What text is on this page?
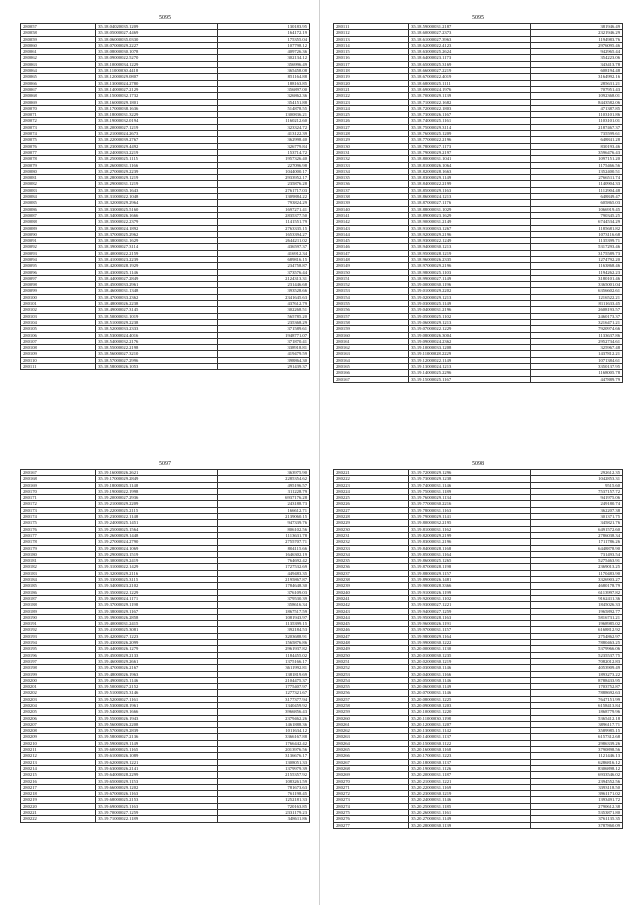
5095
280057	35.18.04020035.1209	130183.95
280058	35.18.05000027.4469	164172.19
280059	35.18.06000035.0330	175355.04
280060	35.18.07000029.2227	107798.12
280061	35.18.08000030.1078	409726.36
280062	35.18.09000022.5270	302134.12
280063	35.18.10000034.1229	356996.49
280064	35.18.11000030.4418	365458.08
280065	35.18.12000029.0807	851164.88
280066	35.18.13000024.2780	188163.85
280067	35.18.14000027.2129	356897.00
280068	35.18.15000032.1732	326862.36
280069	35.18.16000029.1801	354151.88
280070	35.18.17000038.1636	514878.55
280071	35.18.18000031.3229	1300836.21
280072	35.18.19000032.0194	1160212.60
280073	35.18.20000027.1219	323324.72
280074	35.18.21000024.2673	413122.39
280075	35.18.22000039.2767	362998.40
280076	35.18.23000029.4492	326779.84
280077	35.18.24000033.2219	153714.72
280078	35.18.25000025.1115	1957326.40
280079	35.18.26000031.1166	227096.98
280080	35.18.27000029.2239	1044000.17
280081	35.18.28000029.1219	2933952.17
280082	35.18.29000031.1219	235876.28
280083	35.18.30000035.1643	2761717.03
280084	35.18.31000022.1048	1309884.22
280085	35.18.32000029.2964	793824.29
280086	35.18.33000025.5160	1697271.41
280087	35.18.34000026.1666	2835377.50
280088	35.18.35000022.2379	1141551.79
280089	35.18.36000024.1892	2763335.15
280090	35.18.37000025.2962	1653394.27
280091	35.18.38000031.1629	2644211.02
280092	35.18.39000027.3114	436597.37
280093	35.18.40000022.2159	416912.34
280094	35.18.41000023.2239	689816.15
280095	35.18.42000028.1929	234758.87
280096	35.18.43000025.1146	373576.44
280097	35.18.44000027.2849	2124313.31
280098	35.18.45000033.2961	231446.68
280099	35.18.46000031.1348	393528.66
280100	35.18.47000033.2362	2341645.63
280101	35.18.48000026.2238	437612.79
280102	35.18.49000027.3145	302268.51
280103	35.18.50000031.1019	565785.20
280104	35.18.51000029.2238	235368.29
280105	35.18.52000033.2333	371589.61
280106	35.18.53000024.4016	1948771.07
280107	35.18.54000032.2176	371870.41
280108	35.18.55000022.2198	338918.81
280109	35.18.56000027.3210	419479.59
280110	35.18.57000027.2996	398864.30
280111	35.18.58000026.1053	291439.37
5095
280111	35.18.59000031.2187	381946.49
280112	35.18.60000027.2373	2321946.29
280113	35.18.61000027.3963	1194983.76
280114	35.18.62000022.4123	2976095.46
280115	35.18.63000025.2624	942965.44
280116	35.18.64000023.1173	354223.06
280117	35.18.65000025.3169	343413.78
280118	35.18.66000027.2219	608194.48
280119	35.18.67000022.4019	3164992.16
280120	35.18.68000025.1111	285631.21
280121	35.18.69000024.1976	707951.43
280122	35.18.70000029.1139	1092368.01
280123	35.18.71000022.1682	8443582.06
280124	35.18.72000022.1803	471387.85
280125	35.18.73000026.1167	1103101.86
280126	35.18.74000025.1161	1103101.01
280127	35.18.75000029.3114	2187467.37
280128	35.18.76000025.1209	735599.61
280129	35.18.77000022.2196	648841.28
280130	35.18.78000027.1173	830193.46
280131	35.18.79000029.2197	3596476.43
280132	35.18.80000031.1041	1097151.20
280133	35.18.81000026.1064	1175466.56
280134	35.18.82000028.1663	1352400.51
280135	35.18.83000029.1149	2766511.74
280136	35.18.84000022.2199	1140904.33
280137	35.18.85000029.1163	1112904.48
280138	35.18.86000024.1213	648849.47
280139	35.18.87000027.1176	605865.03
280140	35.18.88000031.1029	1066919.45
280141	35.18.89000023.1629	790345.25
280142	35.18.90000031.2149	6744534.29
280143	35.18.91000033.1267	1185681.82
280144	35.18.92000029.2196	1073116.68
280145	35.18.93000022.1249	1135399.71
280146	35.18.94000030.1213	5317293.46
280147	35.18.95000028.1219	3175589.73
280148	35.18.96000026.2335	1274792.20
280149	35.18.97000029.2196	1163868.46
280150	35.18.98000025.1103	1194262.23
280151	35.18.99000027.1149	3180101.46
280152	35.19.00000030.1196	3365001.04
280153	35.19.01000029.2202	6356602.61
280154	35.19.02000029.1213	1216522.21
280155	35.19.03000025.1149	8111633.45
280156	35.19.04000031.2196	2608193.57
280157	35.19.05000025.1102	2460173.37
280158	35.19.06000029.1213	3216471.21
280159	35.19.07000022.1229	7920974.66
280160	35.19.08000026.3004	1133637.86
280161	35.19.09000024.2362	2952734.61
280162	35.19.10000033.1208	325967.48
280163	35.19.11000028.2229	1437812.21
280164	35.19.12000022.1149	1071384.61
280165	35.19.13000024.1213	3350137.95
280166	35.19.14000025.2296	1168005.78
280167	35.19.15000025.1167	447889.79
5097
280167	35.19.16000026.2621	363975.90
280168	35.19.17000029.2849	2285354.62
280169	35.19.18000025.1148	495196.57
280170	35.19.19000022.1998	311228.79
280171	35.19.20000027.2936	6937176.28
280172	35.19.21000029.2209	243188.73
280173	35.19.22000025.2115	166612.71
280174	35.19.23000022.1148	2139060.15
280175	35.19.24000025.1451	947339.76
280176	35.19.25000025.1564	806102.56
280177	35.19.26000029.1448	1113631.78
280178	35.19.27000024.2790	2755707.71
280179	35.19.28000024.1069	804115.66
280180	35.19.29000023.1519	1646302.19
280181	35.19.30000029.2419	764692.42
280182	35.19.31000022.1429	1727532.69
280183	35.19.32000029.2116	449483.35
280184	35.19.33000025.3115	2195867.87
280185	35.19.34000023.2102	1784648.30
280186	35.19.35000022.1229	376109.03
280187	35.19.36000024.1171	379530.39
280188	35.19.37000029.1198	358616.34
280189	35.19.38000029.1167	1867517.59
280190	35.19.39000026.2858	1081943.97
280191	35.19.40000031.2415	1135399.15
280192	35.19.41000025.3081	392184.53
280193	35.19.42000027.1223	3203688.91
280194	35.19.43000026.2099	1565876.86
280195	35.19.44000026.1279	2961937.82
280196	35.19.45000029.2133	1184455.02
280197	35.19.46000029.2661	1375166.17
280198	35.19.47000026.2167	3611992.81
280199	35.19.48000026.1963	1381819.69
280200	35.19.49000025.1146	2104475.37
280201	35.19.50000027.2152	1775407.97
280202	35.19.51000025.3146	1277321.67
280203	35.19.52000027.1161	3177377.94
280204	35.19.53000028.1961	1340459.92
280205	35.19.54000029.1666	3966856.43
280206	35.19.55000026.1943	2379462.26
280207	35.19.56000026.2208	1461888.36
280208	35.19.57000029.2839	1011634.12
280209	35.19.58000027.2136	3366167.88
280210	35.19.59000029.1149	1766442.42
280211	35.19.60000025.1165	2013976.56
280212	35.19.61000026.1089	3136676.17
280213	35.19.62000029.1221	1308051.33
280214	35.19.63000026.2141	1379979.39
280215	35.19.64000028.2299	2155357.92
280216	35.19.65000029.1153	1083261.59
280217	35.19.66000029.1202	781673.63
280218	35.19.67000026.1163	761198.45
280219	35.19.68000025.2153	1252181.33
280220	35.19.69000025.1163	720163.85
280221	35.19.70000027.1259	2331179.23
280222	35.19.71000022.1189	348611.86
5098
280221	35.19.72000029.1296	292612.35
280222	35.19.73000029.1238	1042853.31
280223	35.19.74000031.1146	9515.60
280224	35.19.75000031.1189	7537157.72
280225	35.19.76000029.1134	941975.06
280226	35.19.77000030.2216	249180.74
280227	35.19.78000031.1163	362207.38
280228	35.19.79000029.1141	301371.75
280229	35.19.80000032.2195	345821.76
280230	35.19.81000031.1162	6491572.60
280231	35.19.82000029.2199	2786038.34
280232	35.19.83000031.2196	1711786.26
280233	35.19.84000028.1168	6448878.90
280234	35.19.85000031.1164	731493.54
280235	35.19.86000025.1265	5275463.91
280236	35.19.87000028.1198	2369013.25
280237	35.19.88000029.1157	1170483.90
280238	35.19.89000026.1481	3326903.27
280239	35.19.90000028.3366	4680178.79
280240	35.19.91000026.1199	6113997.82
280241	35.19.92000031.1102	9162411.36
280242	35.19.93000027.1221	1845026.33
280243	35.19.94000027.1259	1965892.77
280244	35.19.95000028.1163	5816731.21
280245	35.19.96000026.1191	1968985.02
280246	35.19.97000031.1157	6168812.92
280247	35.19.98000029.1164	2754862.97
280248	35.19.99000030.1222	7880463.25
280249	35.20.00000031.1130	5379966.06
280250	35.20.01000030.1235	5235537.75
280251	35.20.02000030.1219	7082012.83
280252	35.20.03000030.1146	4053909.49
280253	35.20.04000031.1166	1893273.22
280254	35.20.05000030.1146	8788433.95
280255	35.20.06000030.1149	1703752.87
280256	35.20.07000031.1146	7888692.63
280257	35.20.08000031.1225	7647151.99
280258	35.20.09000030.1203	6158413.84
280259	35.20.10000031.1220	1868779.96
280260	35.20.11000030.1198	5365412.18
280261	35.20.12000031.1207	3896117.71
280262	35.20.13000031.1142	3589985.15
280263	35.20.14000031.1137	6157312.68
280264	35.20.15000030.1122	2986339.26
280265	35.20.16000030.1168	3790898.56
280266	35.20.17000031.1223	1121446.13
280267	35.20.18000030.1137	6286816.12
280268	35.20.19000031.1126	8306898.12
280269	35.20.20000031.1187	6933546.02
280270	35.20.21000031.1221	2394552.56
280271	35.20.22000031.1169	3393118.50
280272	35.20.23000030.1219	3961171.02
280273	35.20.24000031.1146	1393491.72
280274	35.20.25000031.1185	2790612.38
280275	35.20.26000031.1161	5353871.80
280276	35.20.27000031.1149	3761135.35
280277	35.20.28000030.1139	3787860.09
